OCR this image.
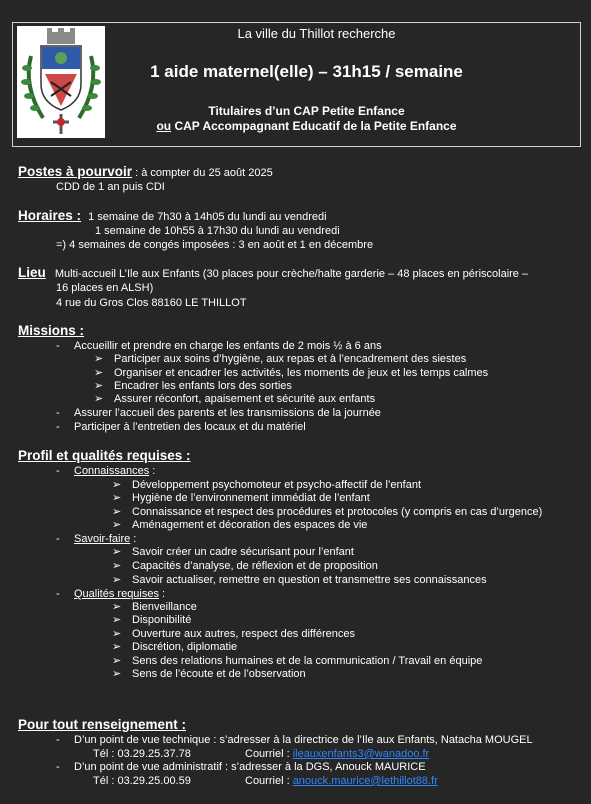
La ville du Thillot recherche
1 aide maternel(elle) – 31h15 / semaine
Titulaires d’un CAP Petite Enfance
ou CAP Accompagnant Educatif de la Petite Enfance
Postes à pourvoir : à compter du 25 août 2025
CDD de 1 an puis CDI
Horaires : 1 semaine de 7h30 à 14h05 du lundi au vendredi
1 semaine de 10h55 à 17h30 du lundi au vendredi
=) 4 semaines de congés imposées : 3 en août et 1 en décembre
Lieu Multi-accueil L’Ile aux Enfants (30 places pour crèche/halte garderie – 48 places en périscolaire –
16 places en ALSH)
4 rue du Gros Clos 88160 LE THILLOT
Missions :
- Accueillir et prendre en charge les enfants de 2 mois ½ à 6 ans
➢ Participer aux soins d’hygiène, aux repas et à l’encadrement des siestes
➢ Organiser et encadrer les activités, les moments de jeux et les temps calmes
➢ Encadrer les enfants lors des sorties
➢ Assurer réconfort, apaisement et sécurité aux enfants
- Assurer l’accueil des parents et les transmissions de la journée
- Participer à l’entretien des locaux et du matériel
Profil et qualités requises :
- Connaissances :
➢ Développement psychomoteur et psycho-affectif de l’enfant
➢ Hygiène de l’environnement immédiat de l’enfant
➢ Connaissance et respect des procédures et protocoles (y compris en cas d’urgence)
➢ Aménagement et décoration des espaces de vie
- Savoir-faire :
➢ Savoir créer un cadre sécurisant pour l’enfant
➢ Capacités d’analyse, de réflexion et de proposition
➢ Savoir actualiser, remettre en question et transmettre ses connaissances
- Qualités requises :
➢ Bienveillance
➢ Disponibilité
➢ Ouverture aux autres, respect des différences
➢ Discrétion, diplomatie
➢ Sens des relations humaines et de la communication / Travail en équipe
➢ Sens de l’écoute et de l’observation
Pour tout renseignement :
- D’un point de vue technique : s’adresser à la directrice de l’Ile aux Enfants, Natacha MOUGEL
Tél : 03.29.25.37.78	Courriel : ileauxenfants3@wanadoo.fr
- D’un point de vue administratif : s’adresser à la DGS, Anouck MAURICE
Tél : 03.29.25.00.59	Courriel : anouck.maurice@lethillot88.fr
